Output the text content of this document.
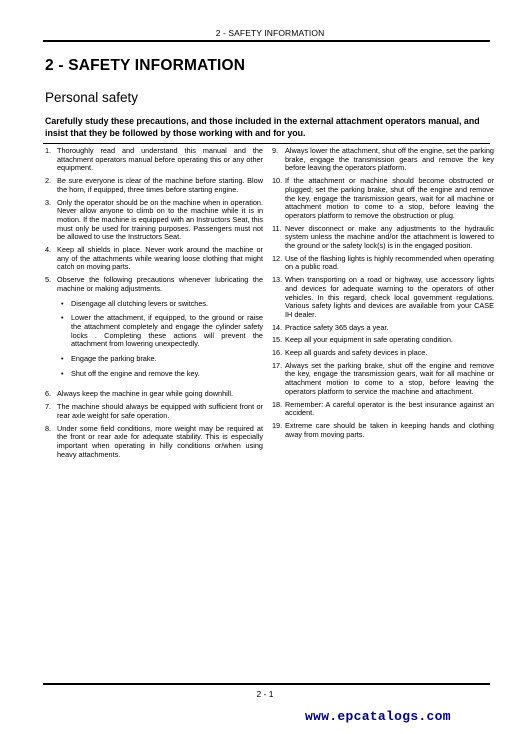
2 - SAFETY INFORMATION
2 - SAFETY INFORMATION
Personal safety

Carefully study these precautions, and those included in the external attachment operators manual, and insist that they be followed by those working with and for you.

1. Thoroughly read and understand this manual and the attachment operators manual before operating this or any other equipment.
2. Be sure everyone is clear of the machine before starting. Blow the horn, if equipped, three times before starting engine.
3. Only the operator should be on the machine when in operation. Never allow anyone to climb on to the machine while it is in motion. If the machine is equipped with an Instructors Seat, this must only be used for training purposes. Passengers must not be allowed to use the Instructors Seat.
4. Keep all shields in place. Never work around the machine or any of the attachments while wearing loose clothing that might catch on moving parts.
5. Observe the following precautions whenever lubricating the machine or making adjustments.
•	Disengage all clutching levers or switches.
•	Lower the attachment, if equipped, to the ground or raise the attachment completely and engage the cylinder safety locks . Completing these actions will prevent the attachment from lowering unexpectedly.
•	Engage the parking brake.
•	Shut off the engine and remove the key.
6. Always keep the machine in gear while going downhill.
7. The machine should always be equipped with sufficient front or rear axle weight for safe operation.
8. Under some field conditions, more weight may be required at the front or rear axle for adequate stability. This is especially important when operating in hilly conditions or/when using heavy attachments.
9. Always lower the attachment, shut off the engine, set the parking brake, engage the transmission gears and remove the key before leaving the operators platform.
10. If the attachment or machine should become obstructed or plugged; set the parking brake, shut off the engine and remove the key, engage the transmission gears, wait for all machine or attachment motion to come to a stop, before leaving the operators platform to remove the obstruction or plug.
11. Never disconnect or make any adjustments to the hydraulic system unless the machine and/or the attachment is lowered to the ground or the safety lock(s) is in the engaged position.
12. Use of the flashing lights is highly recommended when operating on a public road.
13. When transporting on a road or highway, use accessory lights and devices for adequate warning to the operators of other vehicles. In this regard, check local government regulations. Various safety lights and devices are available from your CASE IH dealer.
14. Practice safety 365 days a year.
15. Keep all your equipment in safe operating condition.
16. Keep all guards and safety devices in place.
17. Always set the parking brake, shut off the engine and remove the key, engage the transmission gears, wait for all machine or attachment motion to come to a stop, before leaving the operators platform to service the machine and attachment.
18. Remember: A careful operator is the best insurance against an accident.
19. Extreme care should be taken in keeping hands and clothing away from moving parts.
2 - 1
www.epcatalogs.com
